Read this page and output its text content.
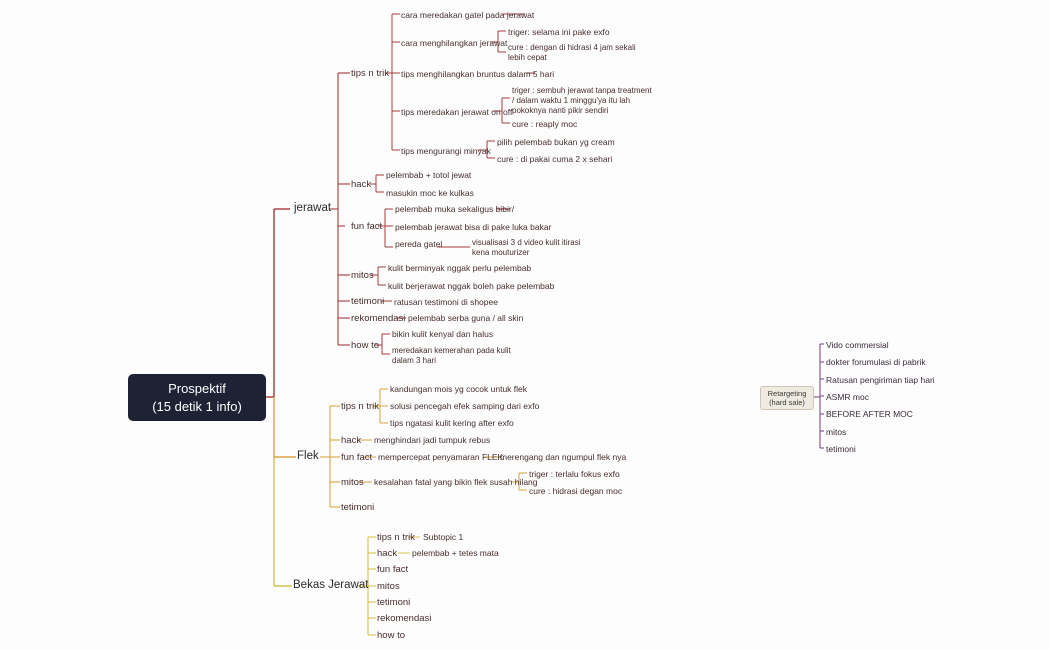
Prospektif
(15 detik 1 info)
jerawat
Flek
Bekas Jerawat
tips n trik
hack
fun fact
mitos
tetimoni
rekomendasi
how to
ratusan testimoni di shopee
pelembab serba guna / all skin
cara meredakan gatel pada jerawat
cara menghilangkan jerawat
tips menghilangkan bruntus dalam 5 hari
tips meredakan jerawat on off
tips mengurangi minyak
triger: selama ini pake exfo
cure : dengan di hidrasi 4 jam sekali lebih cepat
triger : sembuh jerawat tanpa treatment / dalam waktu 1 minggu'ya itu lah pokoknya nanti pikir sendiri
cure : reaply moc
pilih pelembab bukan yg cream
cure : di pakai cuma 2 x sehari
pelembab + totol jewat
masukin moc ke kulkas
pelembab muka sekaligus bibir/
pelembab jerawat bisa di pake luka bakar
pereda gatel	visualisasi 3 d video kulit itirasi kena mouturizer
kulit berminyak nggak perlu pelembab
kulit berjerawat nggak boleh pake pelembab
bikin kulit kenyal dan halus
meredakan kemerahan pada kulit dalam 3 hari
tips n trik
hack
fun fact
mitos
tetimoni
kandungan mois yg cocok untuk flek
solusi pencegah efek samping dari exfo
tips ngatasi kulit kering after exfo
menghindari jadi tumpuk rebus
mempercepat penyamaran FLEK
merengang dan ngumpul flek nya
kesalahan fatal yang bikin flek susah hilang
triger : terlalu fokus exfo
cure : hidrasi degan moc
tips n trik
hack
fun fact
mitos
tetimoni
rekomendasi
how to
Subtopic 1
pelembab + tetes mata
Retargeting
(hard sale)
Vido commersial
dokter forumulasi di pabrik
Ratusan pengiriman tiap hari
ASMR moc
BEFORE AFTER MOC
mitos
tetimoni
